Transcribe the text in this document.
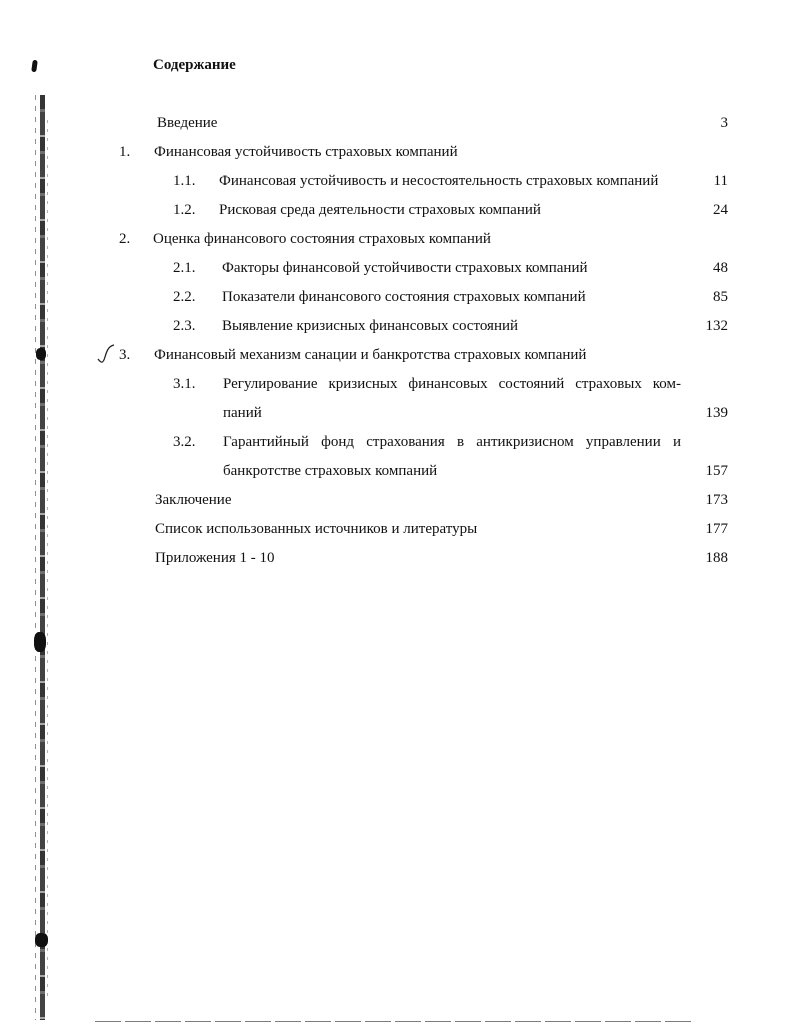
Содержание
Введение	3
1. Финансовая устойчивость страховых компаний
1.1. Финансовая устойчивость и несостоятельность страховых компаний	11
1.2. Рисковая среда деятельности страховых компаний	24
2. Оценка финансового состояния страховых компаний
2.1. Факторы финансовой устойчивости страховых компаний	48
2.2. Показатели финансового состояния страховых компаний	85
2.3. Выявление кризисных финансовых состояний	132
3. Финансовый механизм санации и банкротства страховых компаний
3.1. Регулирование кризисных финансовых состояний страховых ком-
паний	139
3.2. Гарантийный фонд страхования в антикризисном управлении и
банкротстве страховых компаний	157
Заключение	173
Список использованных источников и литературы	177
Приложения 1 - 10	188
